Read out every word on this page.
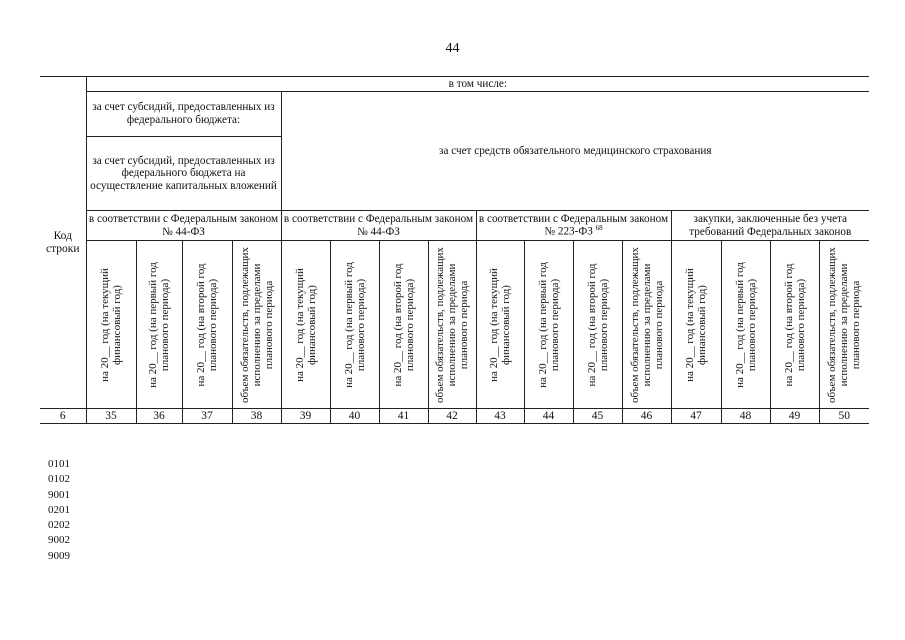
44
Код строки	в том числе:															
	за счет субсидий, предоставленных из федерального бюджета:				за счет средств обязательного медицинского страхования											
	за счет субсидий, предоставленных из федерального бюджета на осуществление капитальных вложений															
	в соответствии с Федеральным законом № 44-ФЗ				в соответствии с Федеральным законом № 44-ФЗ				в соответствии с Федеральным законом № 223-ФЗ $^{68}$				закупки, заключенные без учета требований Федеральных законов			

	на 20__ год (на текущий финансовый год)	на 20__ год (на первый год планового периода)	на 20__ год (на второй год планового периода)	объем обязательств, подлежащих исполнению за пределами планового периода	на 20__ год (на текущий финансовый год)	на 20__ год (на первый год планового периода)	на 20__ год (на второй год планового периода)	объем обязательств, подлежащих исполнению за пределами планового периода	на 20__ год (на текущий финансовый год)	на 20__ год (на первый год планового периода)	на 20__ год (на второй год планового периода)	объем обязательств, подлежащих исполнению за пределами планового периода	на 20__ год (на текущий финансовый год)	на 20__ год (на первый год планового периода)	на 20__ год (на второй год планового периода)	объем обязательств, подлежащих исполнению за пределами планового периода

6	35	36	37	38	39	40	41	42	43	44	45	46	47	48	49	50
0101
0102
9001
0201
0202
9002
9009
